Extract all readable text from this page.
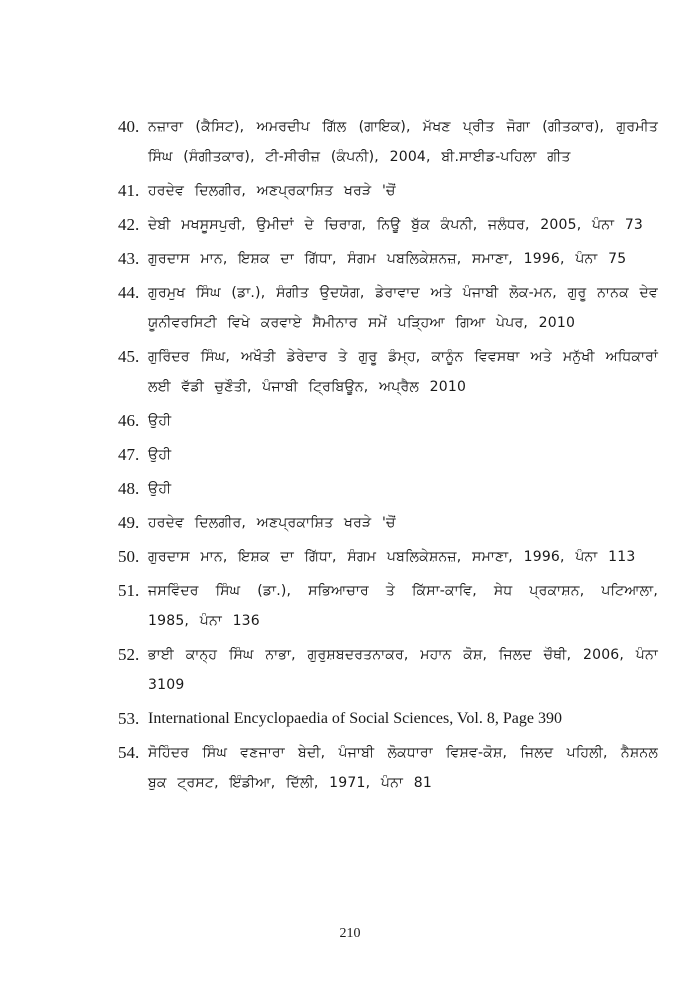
40. ਨਜ਼ਾਰਾ (ਕੈਸਿਟ), ਅਮਰਦੀਪ ਗਿੱਲ (ਗਾਇਕ), ਮੱਖਣ ਪ੍ਰੀਤ ਜੋਗਾ (ਗੀਤਕਾਰ), ਗੁਰਮੀਤ ਸਿੰਘ (ਸੰਗੀਤਕਾਰ), ਟੀ-ਸੀਰੀਜ਼ (ਕੰਪਨੀ), 2004, ਬੀ.ਸਾਈਡ-ਪਹਿਲਾ ਗੀਤ
41. ਹਰਦੇਵ ਦਿਲਗੀਰ, ਅਣਪ੍ਰਕਾਸ਼ਿਤ ਖਰੜੇ 'ਚੋਂ
42. ਦੇਬੀ ਮਖਸੂਸਪੁਰੀ, ਉਮੀਦਾਂ ਦੇ ਚਿਰਾਗ, ਨਿਊ ਬੁੱਕ ਕੰਪਨੀ, ਜਲੰਧਰ, 2005, ਪੰਨਾ 73
43. ਗੁਰਦਾਸ ਮਾਨ, ਇਸ਼ਕ ਦਾ ਗਿੱਧਾ, ਸੰਗਮ ਪਬਲਿਕੇਸ਼ਨਜ਼, ਸਮਾਣਾ, 1996, ਪੰਨਾ 75
44. ਗੁਰਮੁਖ ਸਿੰਘ (ਡਾ.), ਸੰਗੀਤ ਉਦਯੋਗ, ਡੇਰਾਵਾਦ ਅਤੇ ਪੰਜਾਬੀ ਲੋਕ-ਮਨ, ਗੁਰੂ ਨਾਨਕ ਦੇਵ ਯੂਨੀਵਰਸਿਟੀ ਵਿਖੇ ਕਰਵਾਏ ਸੈਮੀਨਾਰ ਸਮੇਂ ਪੜ੍ਹਿਆ ਗਿਆ ਪੇਪਰ, 2010
45. ਗੁਰਿੰਦਰ ਸਿੰਘ, ਅਖੌਤੀ ਡੇਰੇਦਾਰ ਤੇ ਗੁਰੂ ਡੰਮ੍ਹ, ਕਾਨੂੰਨ ਵਿਵਸਥਾ ਅਤੇ ਮਨੁੱਖੀ ਅਧਿਕਾਰਾਂ ਲਈ ਵੱਡੀ ਚੁਣੌਤੀ, ਪੰਜਾਬੀ ਟ੍ਰਿਬਿਊਨ, ਅਪ੍ਰੈਲ 2010
46. ਉਹੀ
47. ਉਹੀ
48. ਉਹੀ
49. ਹਰਦੇਵ ਦਿਲਗੀਰ, ਅਣਪ੍ਰਕਾਸ਼ਿਤ ਖਰੜੇ 'ਚੋਂ
50. ਗੁਰਦਾਸ ਮਾਨ, ਇਸ਼ਕ ਦਾ ਗਿੱਧਾ, ਸੰਗਮ ਪਬਲਿਕੇਸ਼ਨਜ਼, ਸਮਾਣਾ, 1996, ਪੰਨਾ 113
51. ਜਸਵਿੰਦਰ ਸਿੰਘ (ਡਾ.), ਸਭਿਆਚਾਰ ਤੇ ਕਿੱਸਾ-ਕਾਵਿ, ਸੇਧ ਪ੍ਰਕਾਸ਼ਨ, ਪਟਿਆਲਾ, 1985, ਪੰਨਾ 136
52. ਭਾਈ ਕਾਨ੍ਹ ਸਿੰਘ ਨਾਭਾ, ਗੁਰੁਸ਼ਬਦਰਤਨਾਕਰ, ਮਹਾਨ ਕੋਸ਼, ਜਿਲਦ ਚੌਥੀ, 2006, ਪੰਨਾ 3109
53. International Encyclopaedia of Social Sciences, Vol. 8, Page 390
54. ਸੋਹਿੰਦਰ ਸਿੰਘ ਵਣਜਾਰਾ ਬੇਦੀ, ਪੰਜਾਬੀ ਲੋਕਧਾਰਾ ਵਿਸ਼ਵ-ਕੋਸ਼, ਜਿਲਦ ਪਹਿਲੀ, ਨੈਸ਼ਨਲ ਬੁਕ ਟ੍ਰਸਟ, ਇੰਡੀਆ, ਦਿੱਲੀ, 1971, ਪੰਨਾ 81
210
